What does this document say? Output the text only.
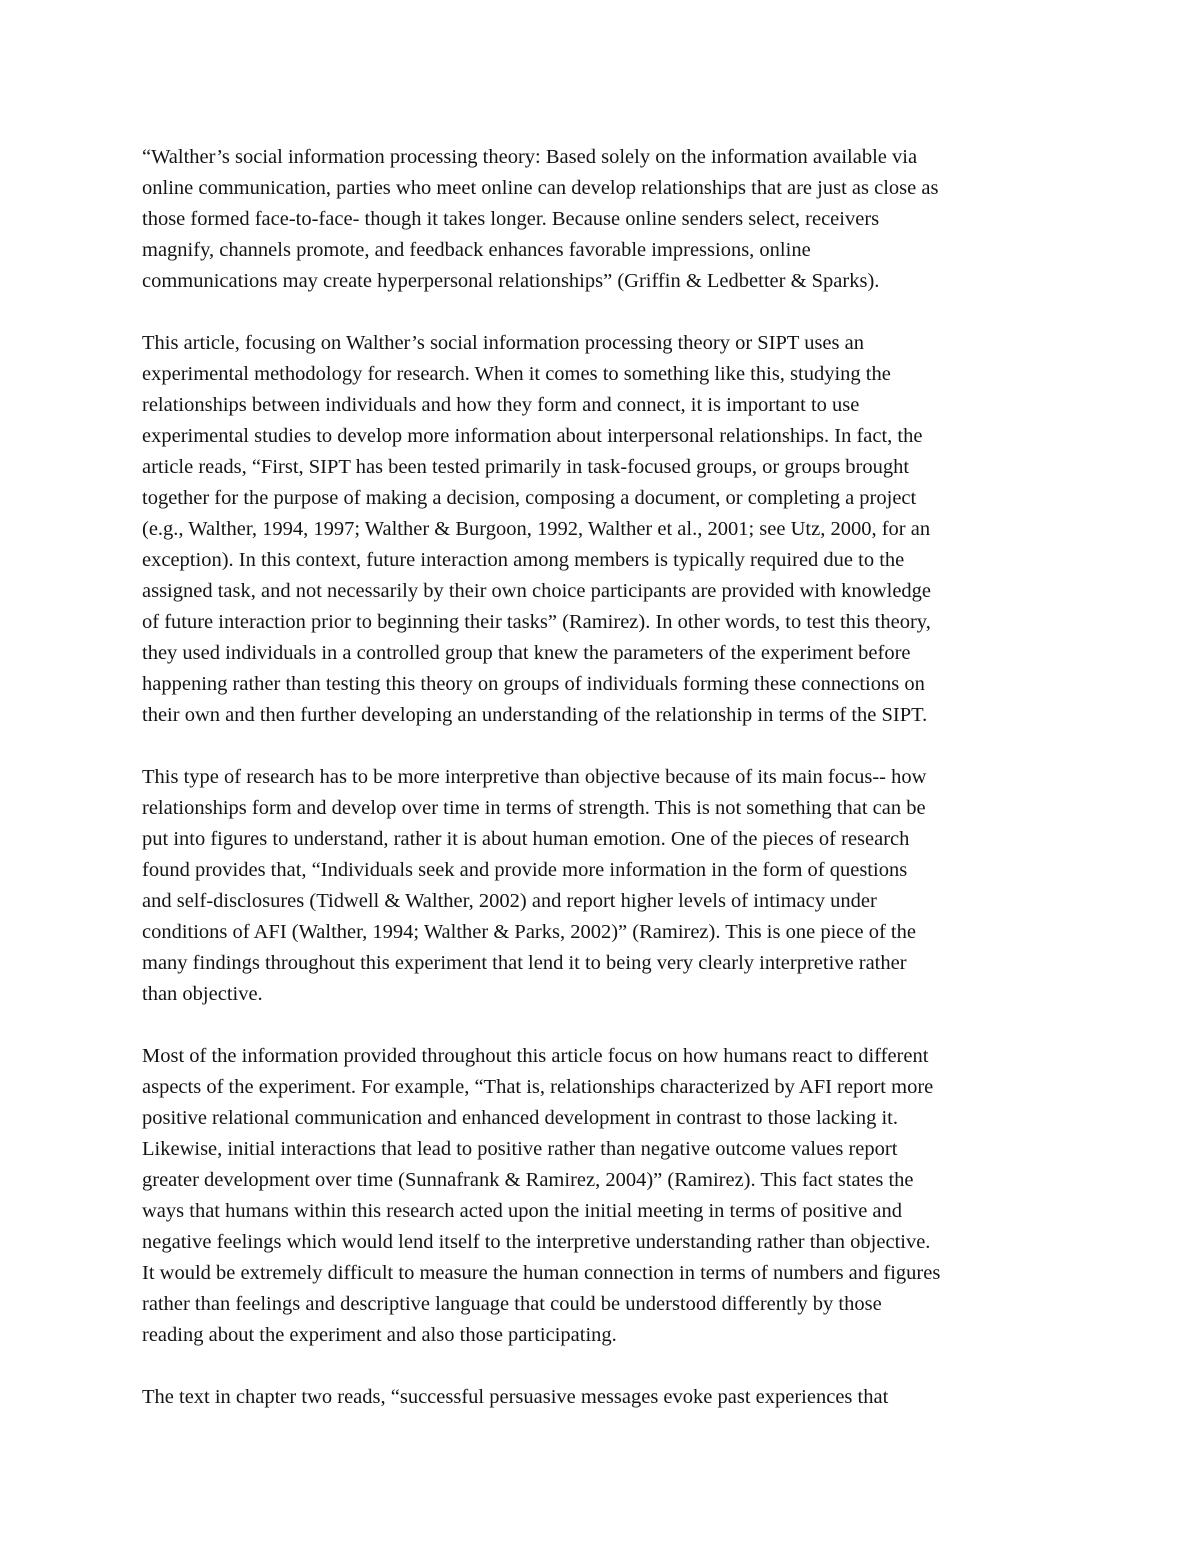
“Walther’s social information processing theory: Based solely on the information available via

online communication, parties who meet online can develop relationships that are just as close as

those formed face-to-face- though it takes longer. Because online senders select, receivers

magnify, channels promote, and feedback enhances favorable impressions, online

communications may create hyperpersonal relationships” (Griffin & Ledbetter & Sparks).

This article, focusing on Walther’s social information processing theory or SIPT uses an

experimental methodology for research. When it comes to something like this, studying the

relationships between individuals and how they form and connect, it is important to use

experimental studies to develop more information about interpersonal relationships. In fact, the

article reads, “First, SIPT has been tested primarily in task-focused groups, or groups brought

together for the purpose of making a decision, composing a document, or completing a project

(e.g., Walther, 1994, 1997; Walther & Burgoon, 1992, Walther et al., 2001; see Utz, 2000, for an

exception). In this context, future interaction among members is typically required due to the

assigned task, and not necessarily by their own choice participants are provided with knowledge

of future interaction prior to beginning their tasks” (Ramirez). In other words, to test this theory,

they used individuals in a controlled group that knew the parameters of the experiment before

happening rather than testing this theory on groups of individuals forming these connections on

their own and then further developing an understanding of the relationship in terms of the SIPT.

This type of research has to be more interpretive than objective because of its main focus-- how

relationships form and develop over time in terms of strength. This is not something that can be

put into figures to understand, rather it is about human emotion. One of the pieces of research

found provides that, “Individuals seek and provide more information in the form of questions

and self-disclosures (Tidwell & Walther, 2002) and report higher levels of intimacy under

conditions of AFI (Walther, 1994; Walther & Parks, 2002)” (Ramirez). This is one piece of the

many findings throughout this experiment that lend it to being very clearly interpretive rather

than objective.

Most of the information provided throughout this article focus on how humans react to different

aspects of the experiment. For example, “That is, relationships characterized by AFI report more

positive relational communication and enhanced development in contrast to those lacking it.

Likewise, initial interactions that lead to positive rather than negative outcome values report

greater development over time (Sunnafrank & Ramirez, 2004)” (Ramirez). This fact states the

ways that humans within this research acted upon the initial meeting in terms of positive and

negative feelings which would lend itself to the interpretive understanding rather than objective.

It would be extremely difficult to measure the human connection in terms of numbers and figures

rather than feelings and descriptive language that could be understood differently by those

reading about the experiment and also those participating.

The text in chapter two reads, “successful persuasive messages evoke past experiences that
